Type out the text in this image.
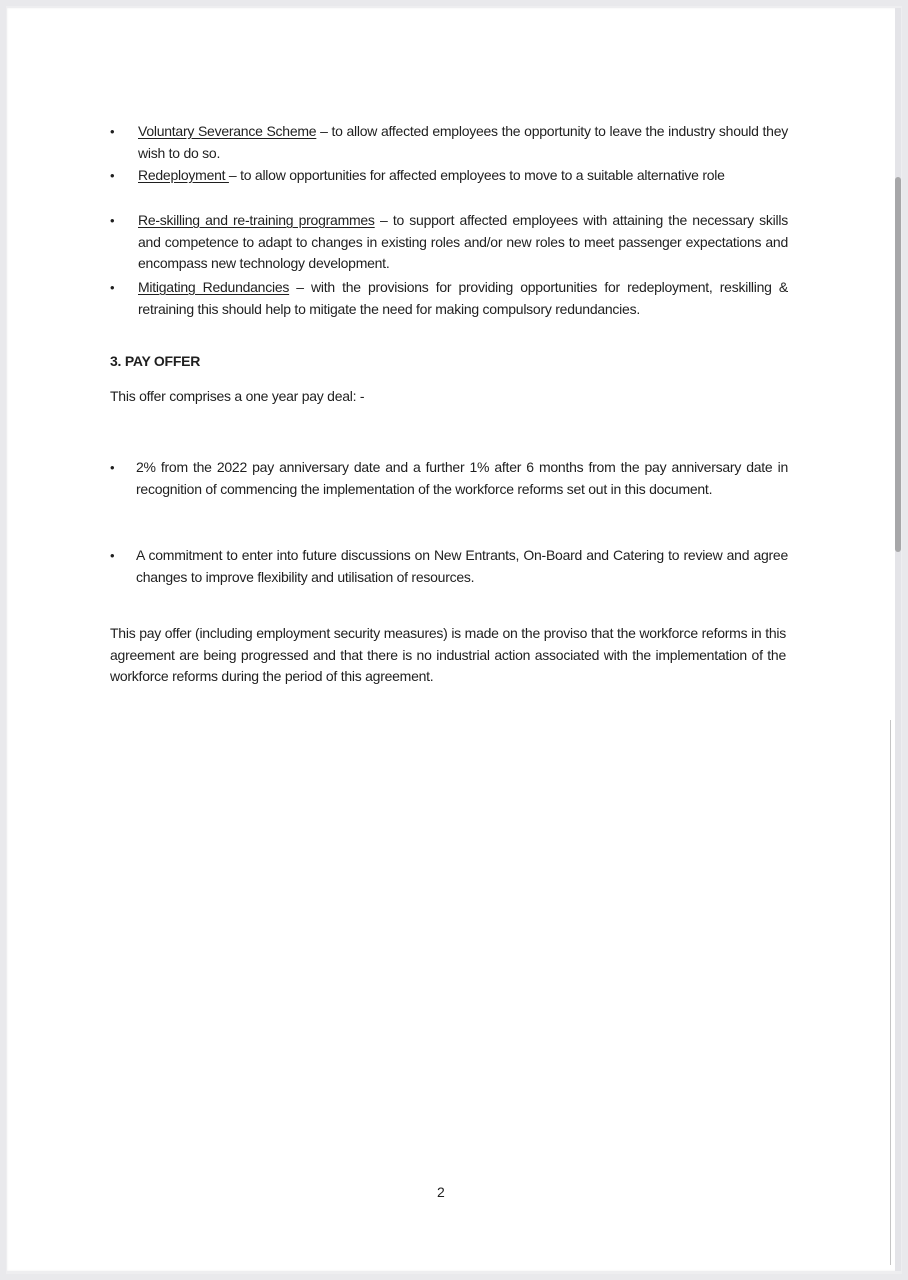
• Voluntary Severance Scheme – to allow affected employees the opportunity to leave the industry should they wish to do so.
• Redeployment – to allow opportunities for affected employees to move to a suitable alternative role
• Re-skilling and re-training programmes – to support affected employees with attaining the necessary skills and competence to adapt to changes in existing roles and/or new roles to meet passenger expectations and encompass new technology development.
• Mitigating Redundancies – with the provisions for providing opportunities for redeployment, reskilling & retraining this should help to mitigate the need for making compulsory redundancies.
3. PAY OFFER
This offer comprises a one year pay deal: -
• 2% from the 2022 pay anniversary date and a further 1% after 6 months from the pay anniversary date in recognition of commencing the implementation of the workforce reforms set out in this document.
• A commitment to enter into future discussions on New Entrants, On-Board and Catering to review and agree changes to improve flexibility and utilisation of resources.
This pay offer (including employment security measures) is made on the proviso that the workforce reforms in this agreement are being progressed and that there is no industrial action associated with the implementation of the workforce reforms during the period of this agreement.
2
